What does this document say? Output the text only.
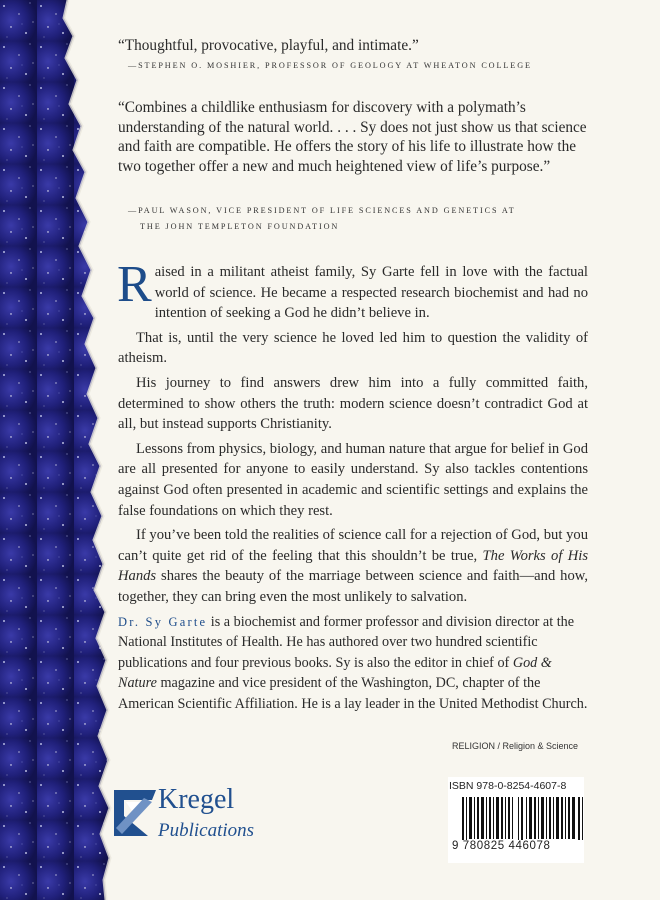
“Thoughtful, provocative, playful, and intimate.”

—STEPHEN O. MOSHIER, PROFESSOR OF GEOLOGY AT WHEATON COLLEGE

“Combines a childlike enthusiasm for discovery with a polymath’s understanding of the natural world. . . . Sy does not just show us that science and faith are compatible. He offers the story of his life to illustrate how the two together offer a new and much heightened view of life’s purpose.”

—PAUL WASON, VICE PRESIDENT OF LIFE SCIENCES AND GENETICS AT
THE JOHN TEMPLETON FOUNDATION

Raised in a militant atheist family, Sy Garte fell in love with the factual world of science. He became a respected research biochemist and had no intention of seeking a God he didn’t believe in.

That is, until the very science he loved led him to question the validity of atheism.

His journey to find answers drew him into a fully committed faith, determined to show others the truth: modern science doesn’t contradict God at all, but instead supports Christianity.

Lessons from physics, biology, and human nature that argue for belief in God are all presented for anyone to easily understand. Sy also tackles contentions against God often presented in academic and scientific settings and explains the false foundations on which they rest.

If you’ve been told the realities of science call for a rejection of God, but you can’t quite get rid of the feeling that this shouldn’t be true, The Works of His Hands shares the beauty of the marriage between science and faith—and how, together, they can bring even the most unlikely to salvation.

Dr. Sy Garte is a biochemist and former professor and division director at the National Institutes of Health. He has authored over two hundred scientific publications and four previous books. Sy is also the editor in chief of God & Nature magazine and vice president of the Washington, DC, chapter of the American Scientific Affiliation. He is a lay leader in the United Methodist Church.
RELIGION / Religion & Science
Kregel
Publications
ISBN 978-0-8254-4607-8
9 780825 446078
